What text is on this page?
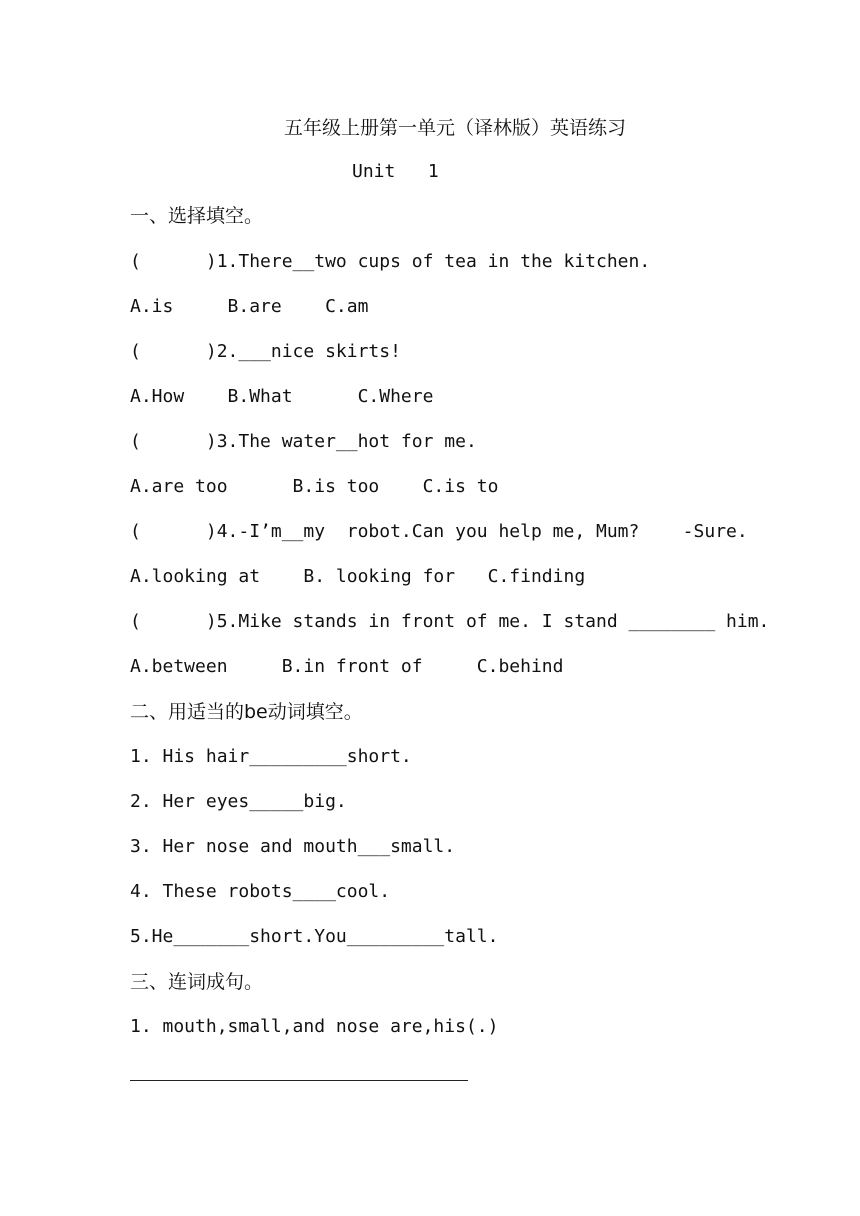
五年级上册第一单元（译林版）英语练习
Unit   1
一、选择填空。
(      )1.There__two cups of tea in the kitchen.
A.is     B.are    C.am
(      )2.___nice skirts!
A.How    B.What      C.Where
(      )3.The water__hot for me.
A.are too      B.is too    C.is to
(      )4.-I’m__my  robot.Can you help me, Mum?    -Sure.
A.looking at    B. looking for   C.finding
(      )5.Mike stands in front of me. I stand ________ him.
A.between     B.in front of     C.behind
二、用适当的be动词填空。
1. His hair_________short.
2. Her eyes_____big.
3. Her nose and mouth___small.
4. These robots____cool.
5.He_______short.You_________tall.
三、连词成句。
1. mouth,small,and nose are,his(.)
